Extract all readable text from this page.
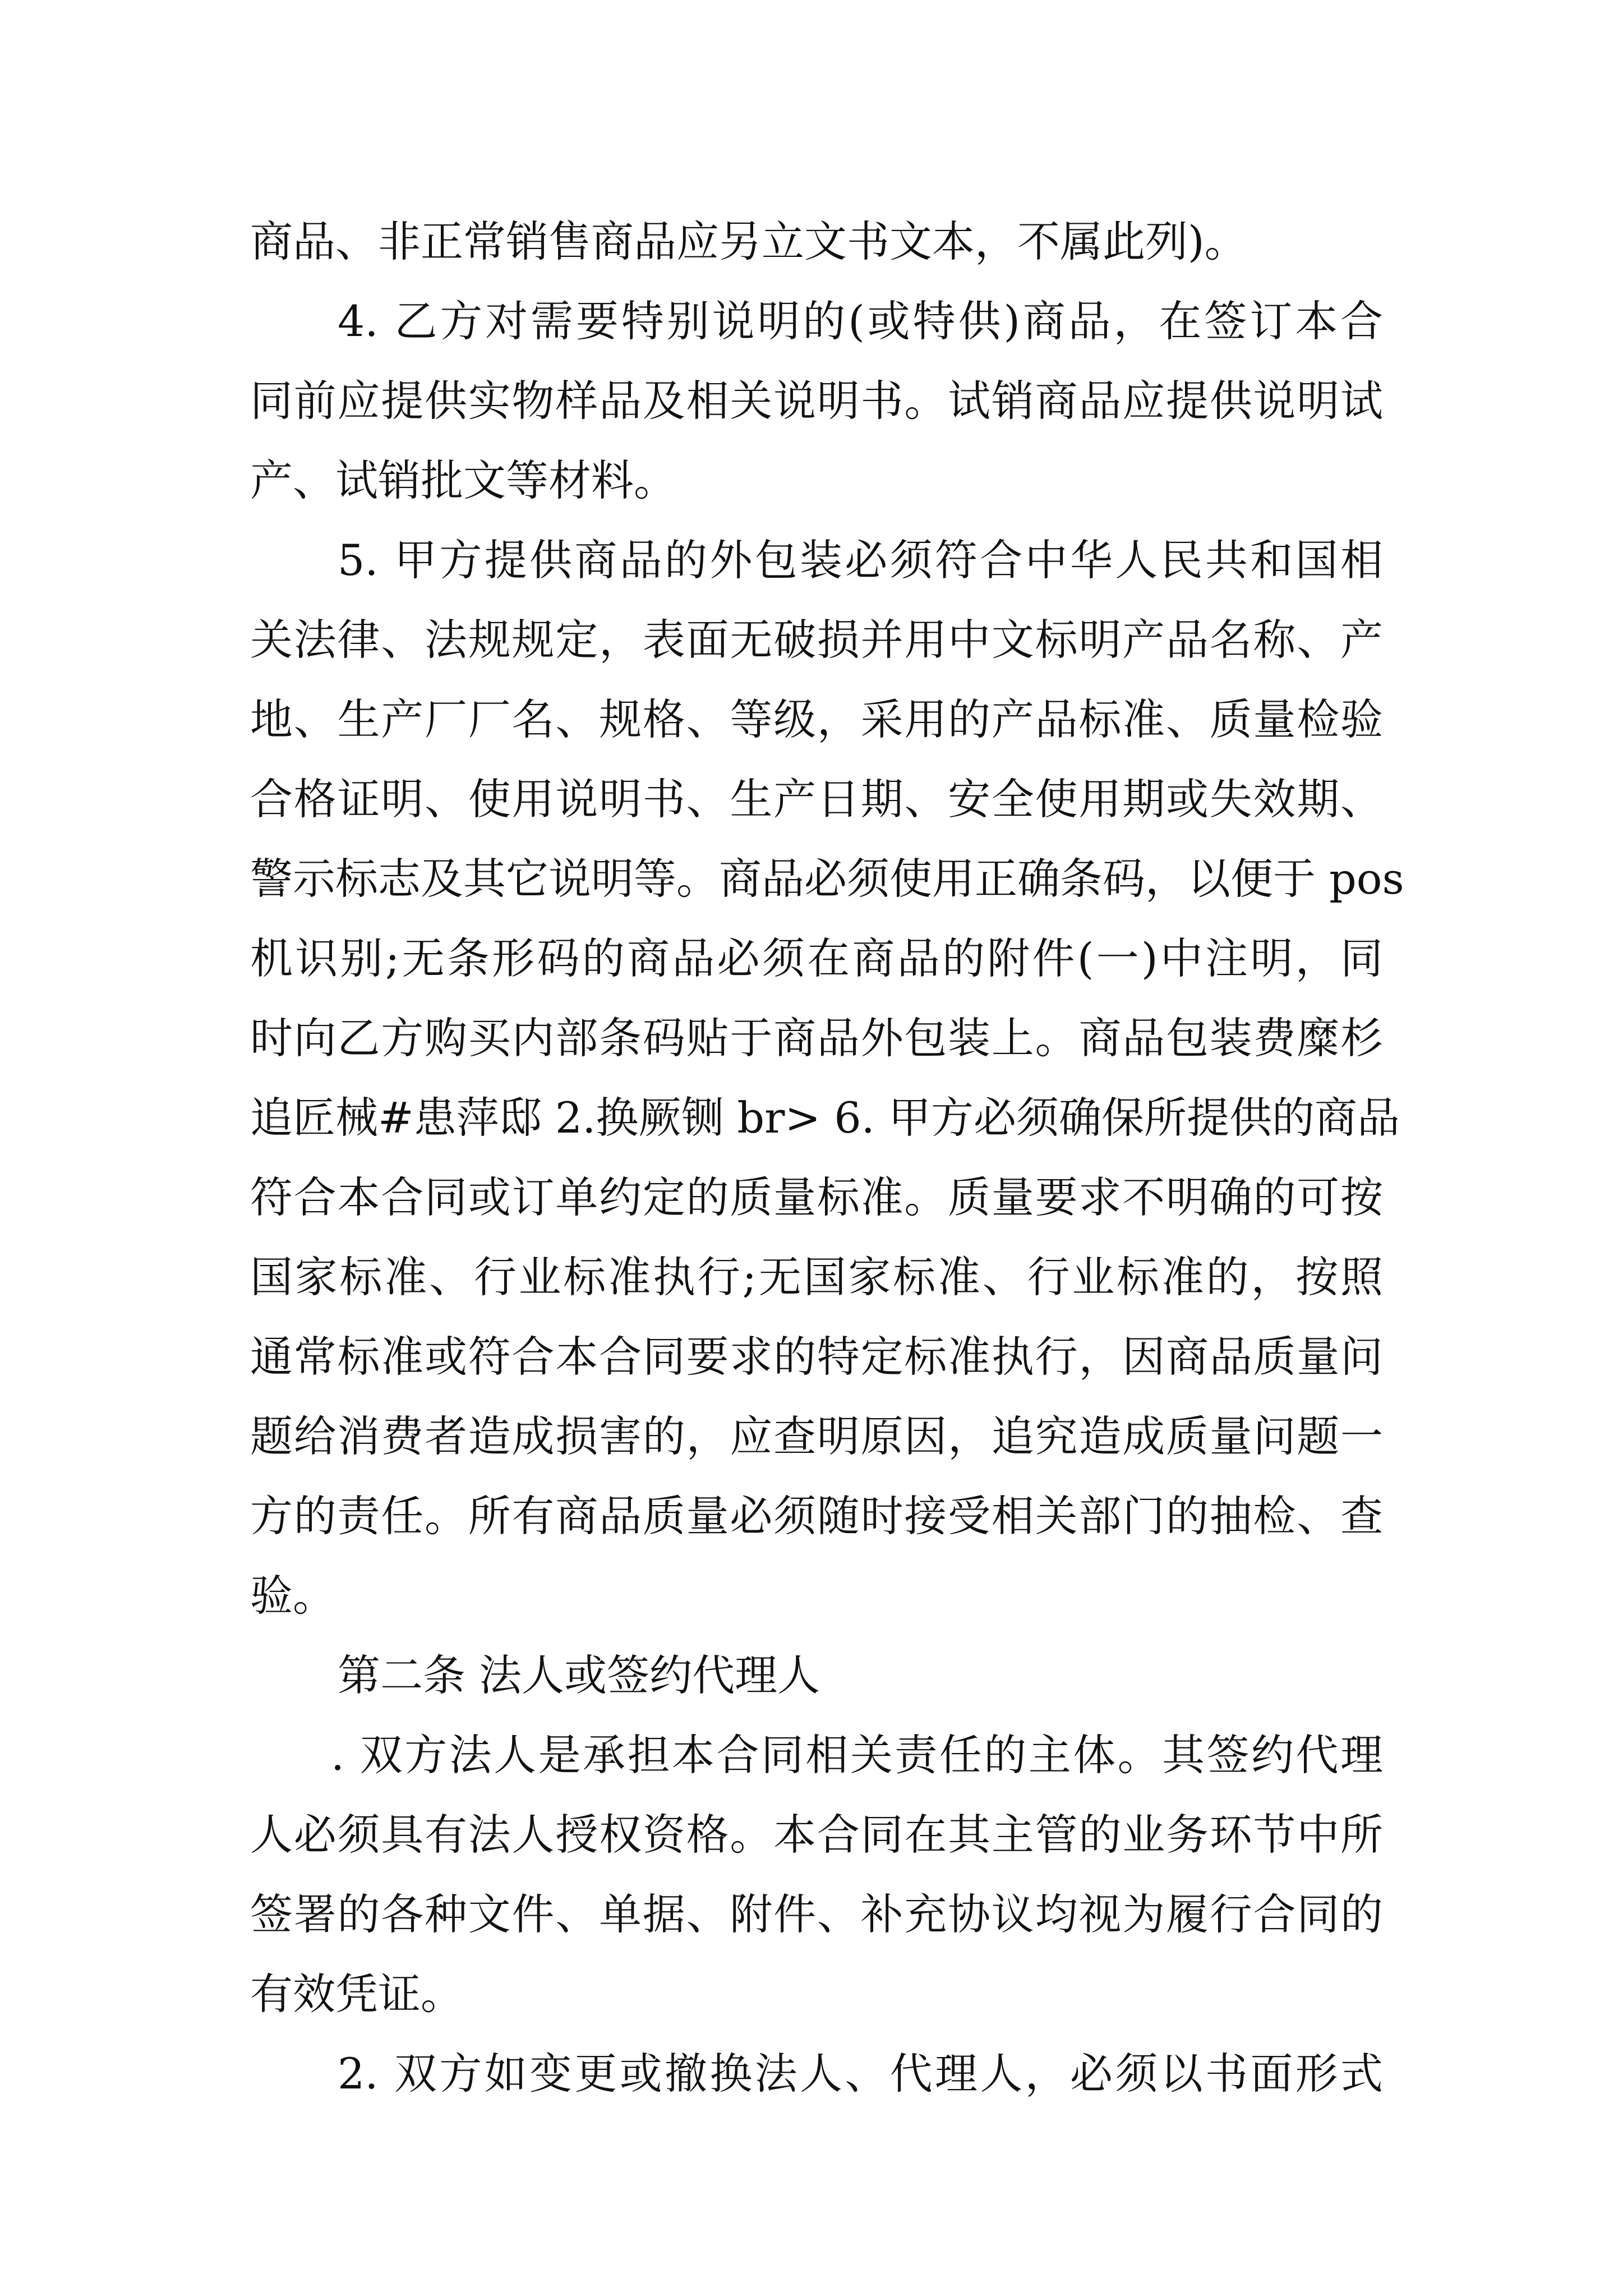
商品、非正常销售商品应另立文书文本，不属此列)。
4. 乙方对需要特别说明的(或特供)商品，在签订本合
同前应提供实物样品及相关说明书。试销商品应提供说明试
产、试销批文等材料。
5. 甲方提供商品的外包装必须符合中华人民共和国相
关法律、法规规定，表面无破损并用中文标明产品名称、产
地、生产厂厂名、规格、等级，采用的产品标准、质量检验
合格证明、使用说明书、生产日期、安全使用期或失效期、
警示标志及其它说明等。商品必须使用正确条码，以便于 pos
机识别;无条形码的商品必须在商品的附件(一)中注明，同
时向乙方购买内部条码贴于商品外包装上。商品包装费糜杉
追匠械#患萍邸 2.换厥铡 br> 6. 甲方必须确保所提供的商品
符合本合同或订单约定的质量标准。质量要求不明确的可按
国家标准、行业标准执行;无国家标准、行业标准的，按照
通常标准或符合本合同要求的特定标准执行，因商品质量问
题给消费者造成损害的，应查明原因，追究造成质量问题一
方的责任。所有商品质量必须随时接受相关部门的抽检、查
验。
第二条 法人或签约代理人
. 双方法人是承担本合同相关责任的主体。其签约代理
人必须具有法人授权资格。本合同在其主管的业务环节中所
签署的各种文件、单据、附件、补充协议均视为履行合同的
有效凭证。
2. 双方如变更或撤换法人、代理人，必须以书面形式
